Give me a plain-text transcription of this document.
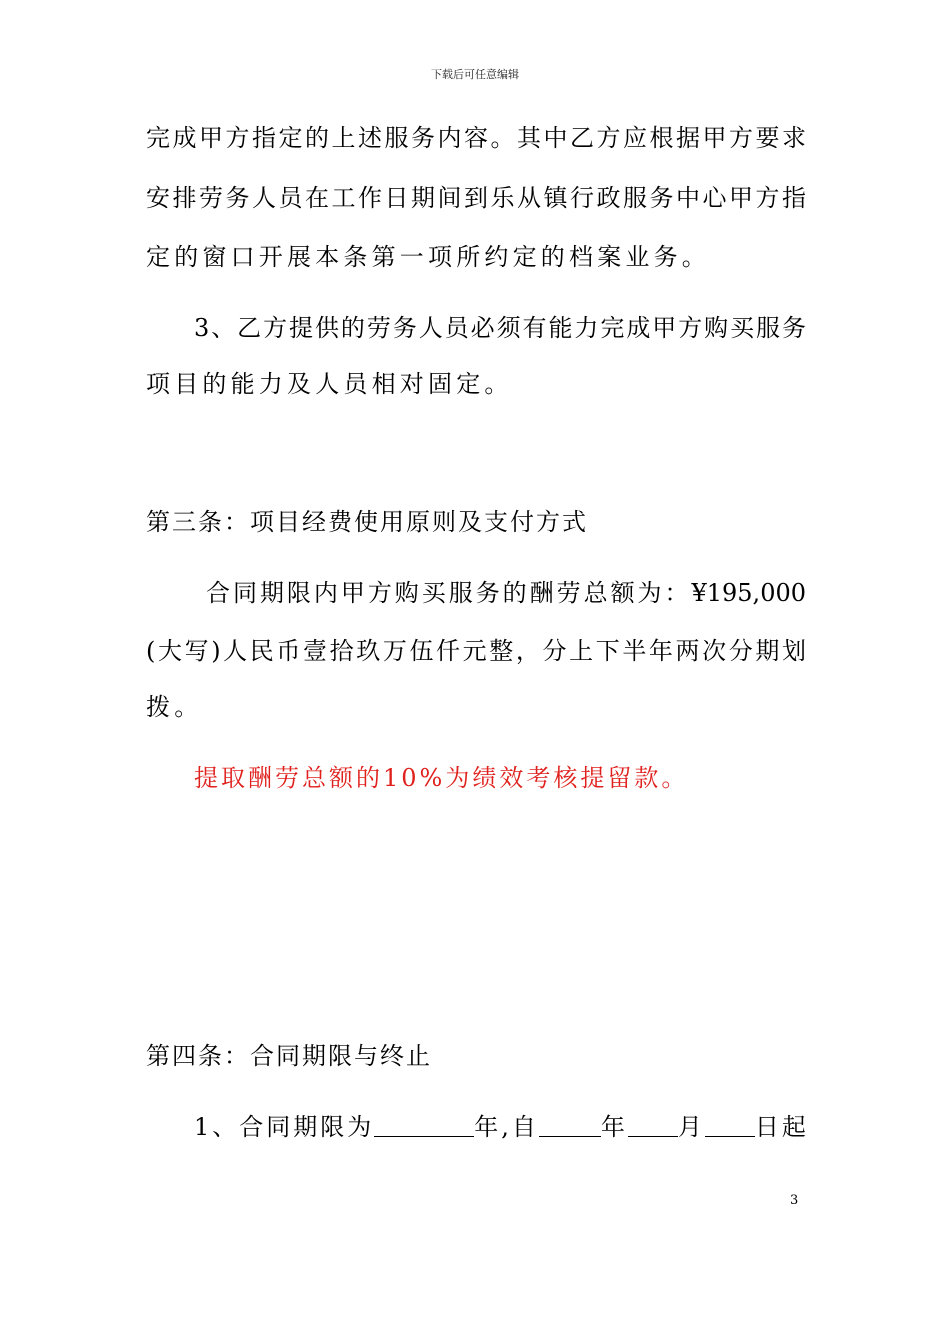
下载后可任意编辑
完成甲方指定的上述服务内容。其中乙方应根据甲方要求
安排劳务人员在工作日期间到乐从镇行政服务中心甲方指
定的窗口开展本条第一项所约定的档案业务。
3、乙方提供的劳务人员必须有能力完成甲方购买服务
项目的能力及人员相对固定。
第三条：项目经费使用原则及支付方式
合同期限内甲方购买服务的酬劳总额为：¥195,000
(大写)人民币壹拾玖万伍仟元整，分上下半年两次分期划
拨。
提取酬劳总额的10%为绩效考核提留款。
第四条：合同期限与终止
1、合同期限为	年,自	年 月 日起
3
